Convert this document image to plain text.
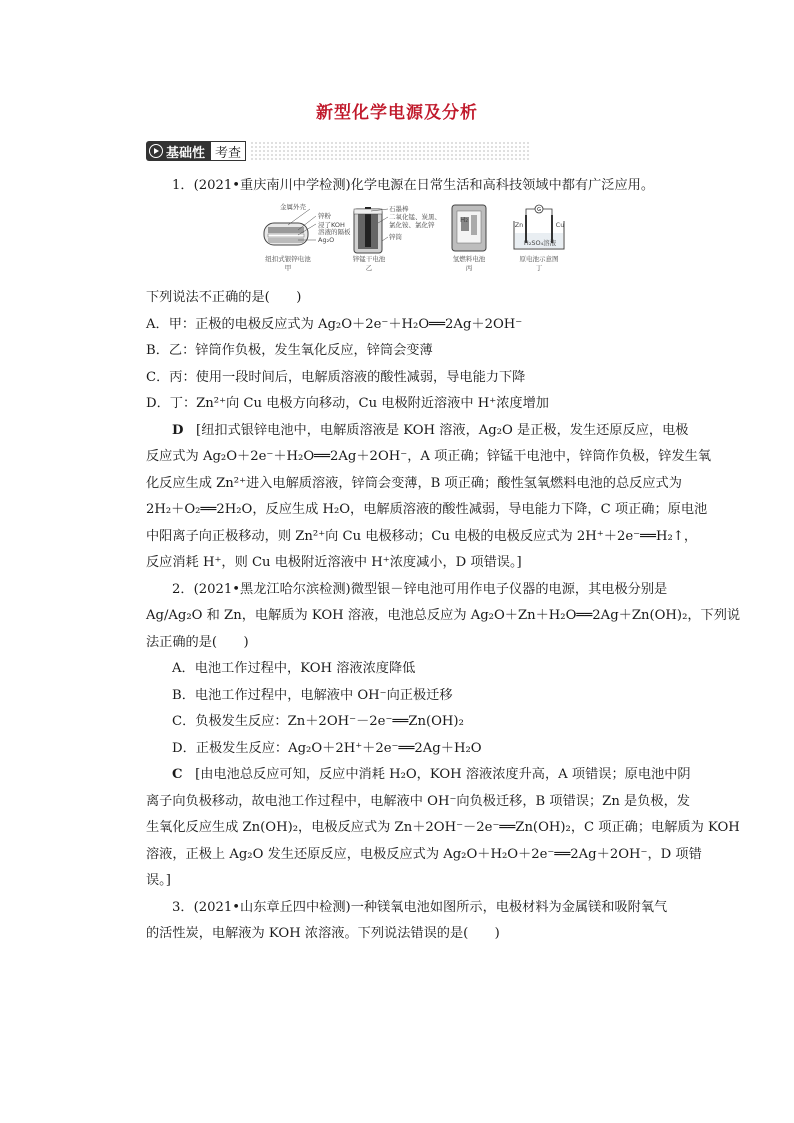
新型化学电源及分析
基础性 考查
1．(2021•重庆南川中学检测)化学电源在日常生活和高科技领域中都有广泛应用。
金属外壳
锌粉
浸了KOH
溶液的隔板
Ag₂O
纽扣式银锌电池
甲
石墨棒
二氧化锰、炭黑、
氯化铵、氯化锌
锌筒
锌锰干电池
乙
H₂
氢燃料电池
丙
G
Zn	Cu
H₂SO₄溶液
原电池示意图
丁
下列说法不正确的是(　　)
A．甲：正极的电极反应式为 Ag₂O＋2e⁻＋H₂O══2Ag＋2OH⁻
B．乙：锌筒作负极，发生氧化反应，锌筒会变薄
C．丙：使用一段时间后，电解质溶液的酸性减弱，导电能力下降
D．丁：Zn²⁺向 Cu 电极方向移动，Cu 电极附近溶液中 H⁺浓度增加
D [纽扣式银锌电池中，电解质溶液是 KOH 溶液，Ag₂O 是正极，发生还原反应，电极
反应式为 Ag₂O＋2e⁻＋H₂O══2Ag＋2OH⁻，A 项正确；锌锰干电池中，锌筒作负极，锌发生氧
化反应生成 Zn²⁺进入电解质溶液，锌筒会变薄，B 项正确；酸性氢氧燃料电池的总反应式为
2H₂＋O₂══2H₂O，反应生成 H₂O，电解质溶液的酸性减弱，导电能力下降，C 项正确；原电池
中阳离子向正极移动，则 Zn²⁺向 Cu 电极移动；Cu 电极的电极反应式为 2H⁺＋2e⁻══H₂↑，
反应消耗 H⁺，则 Cu 电极附近溶液中 H⁺浓度减小，D 项错误。]
2．(2021•黑龙江哈尔滨检测)微型银－锌电池可用作电子仪器的电源，其电极分别是
Ag/Ag₂O 和 Zn，电解质为 KOH 溶液，电池总反应为 Ag₂O＋Zn＋H₂O══2Ag＋Zn(OH)₂，下列说
法正确的是(　　)
A．电池工作过程中，KOH 溶液浓度降低
B．电池工作过程中，电解液中 OH⁻向正极迁移
C．负极发生反应：Zn＋2OH⁻－2e⁻══Zn(OH)₂
D．正极发生反应：Ag₂O＋2H⁺＋2e⁻══2Ag＋H₂O
C [由电池总反应可知，反应中消耗 H₂O，KOH 溶液浓度升高，A 项错误；原电池中阴
离子向负极移动，故电池工作过程中，电解液中 OH⁻向负极迁移，B 项错误；Zn 是负极，发
生氧化反应生成 Zn(OH)₂，电极反应式为 Zn＋2OH⁻－2e⁻══Zn(OH)₂，C 项正确；电解质为 KOH
溶液，正极上 Ag₂O 发生还原反应，电极反应式为 Ag₂O＋H₂O＋2e⁻══2Ag＋2OH⁻，D 项错
误。]
3．(2021•山东章丘四中检测)一种镁氧电池如图所示，电极材料为金属镁和吸附氧气
的活性炭，电解液为 KOH 浓溶液。下列说法错误的是(　　)
